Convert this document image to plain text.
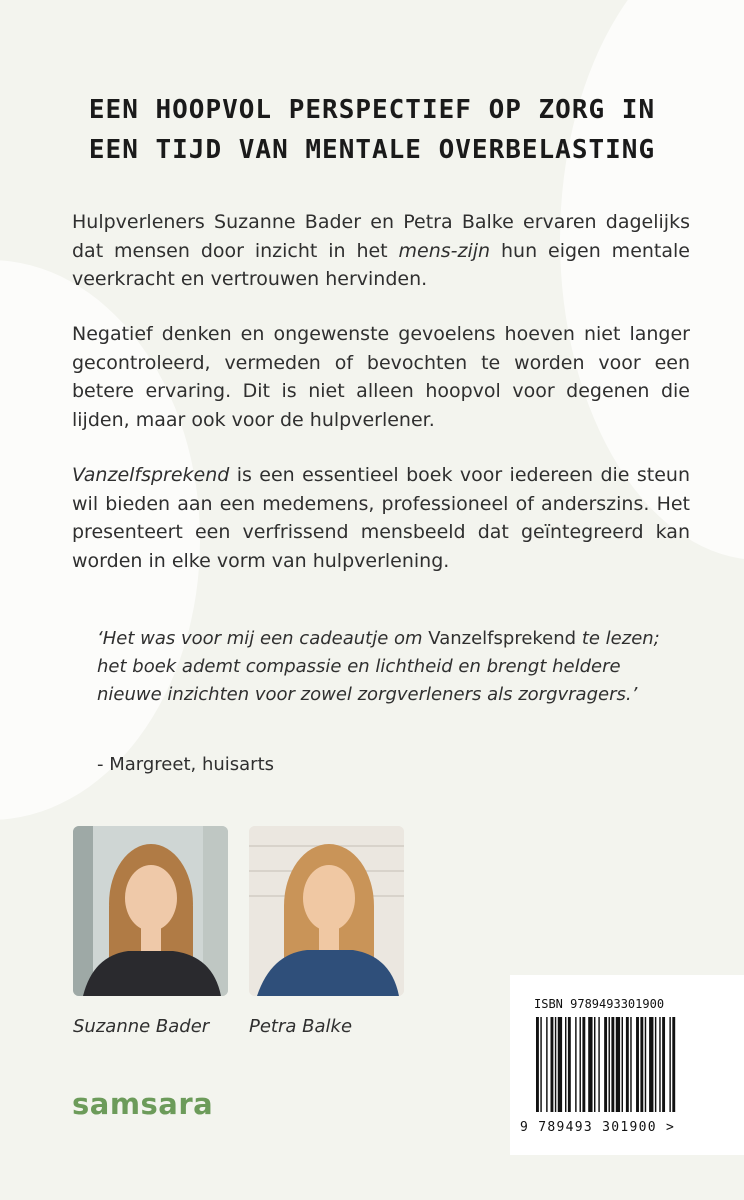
EEN HOOPVOL PERSPECTIEF OP ZORG IN
EEN TIJD VAN MENTALE OVERBELASTING
Hulpverleners Suzanne Bader en Petra Balke ervaren dagelijks dat mensen door inzicht in het mens-zijn hun eigen mentale veerkracht en vertrouwen hervinden.
Negatief denken en ongewenste gevoelens hoeven niet langer gecontroleerd, vermeden of bevochten te worden voor een betere ervaring. Dit is niet alleen hoopvol voor degenen die lijden, maar ook voor de hulpverlener.
Vanzelfsprekend is een essentieel boek voor iedereen die steun wil bieden aan een medemens, professioneel of anderszins. Het presenteert een verfrissend mensbeeld dat geïntegreerd kan worden in elke vorm van hulpverlening.
‘Het was voor mij een cadeautje om Vanzelfsprekend te lezen; het boek ademt compassie en lichtheid en brengt heldere nieuwe inzichten voor zowel zorgverleners als zorgvragers.’
- Margreet, huisarts
Suzanne Bader Petra Balke
samsara
ISBN 9789493301900
9 789493 301900 >
